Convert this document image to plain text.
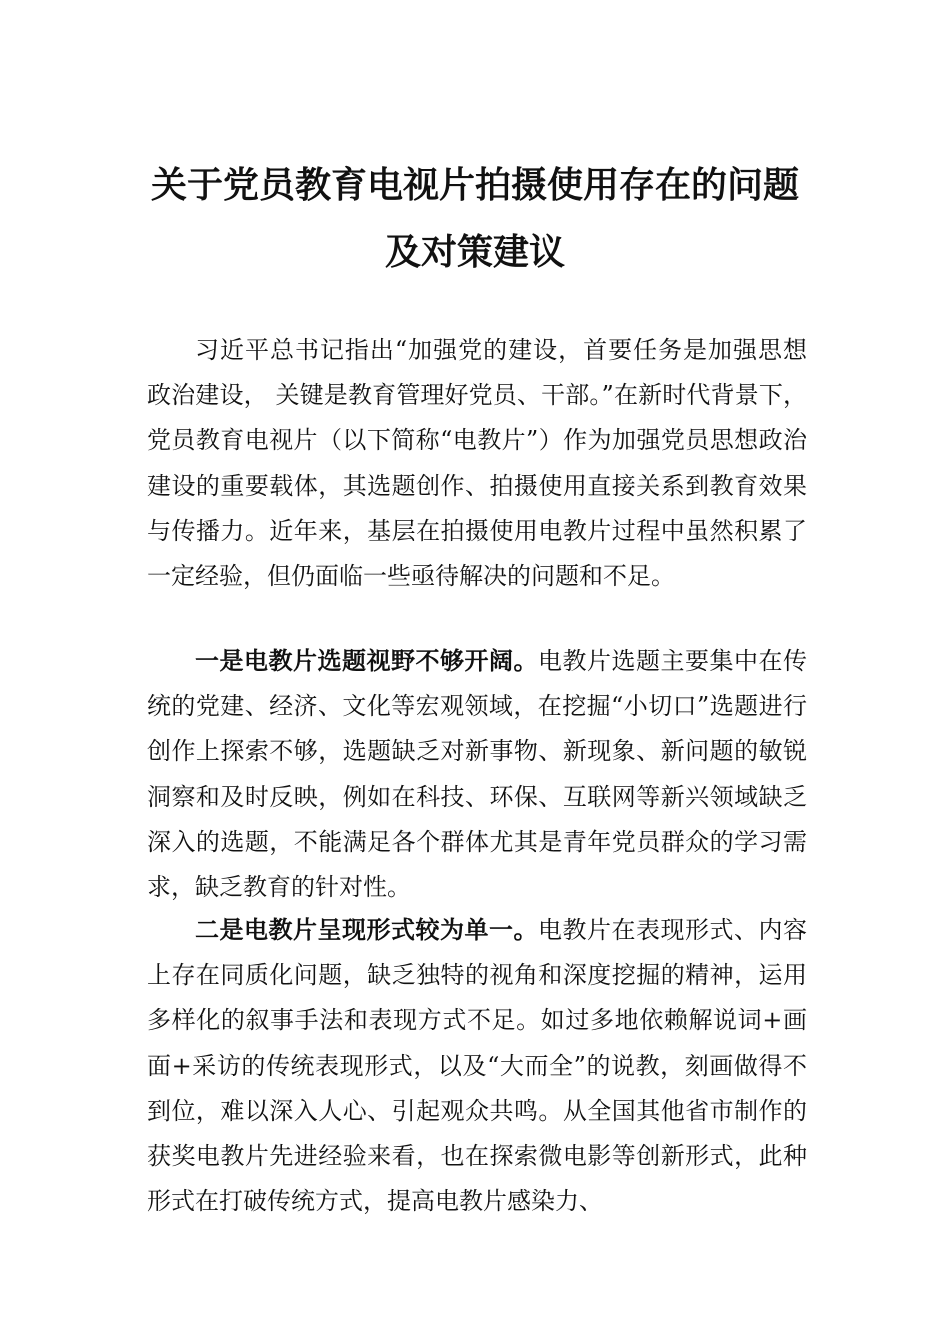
关于党员教育电视片拍摄使用存在的问题
及对策建议

习近平总书记指出“加强党的建设，首要任务是加强思想政治建设， 关键是教育管理好党员、干部。”在新时代背景下，党员教育电视片（以下简称“电教片”）作为加强党员思想政治建设的重要载体，其选题创作、拍摄使用直接关系到教育效果与传播力。近年来，基层在拍摄使用电教片过程中虽然积累了一定经验，但仍面临一些亟待解决的问题和不足。

一是电教片选题视野不够开阔。电教片选题主要集中在传统的党建、经济、文化等宏观领域，在挖掘“小切口”选题进行创作上探索不够，选题缺乏对新事物、新现象、新问题的敏锐洞察和及时反映，例如在科技、环保、互联网等新兴领域缺乏深入的选题，不能满足各个群体尤其是青年党员群众的学习需求，缺乏教育的针对性。

二是电教片呈现形式较为单一。电教片在表现形式、内容上存在同质化问题，缺乏独特的视角和深度挖掘的精神，运用多样化的叙事手法和表现方式不足。如过多地依赖解说词+画面+采访的传统表现形式，以及“大而全”的说教，刻画做得不到位，难以深入人心、引起观众共鸣。从全国其他省市制作的获奖电教片先进经验来看，也在探索微电影等创新形式，此种形式在打破传统方式，提高电教片感染力、
